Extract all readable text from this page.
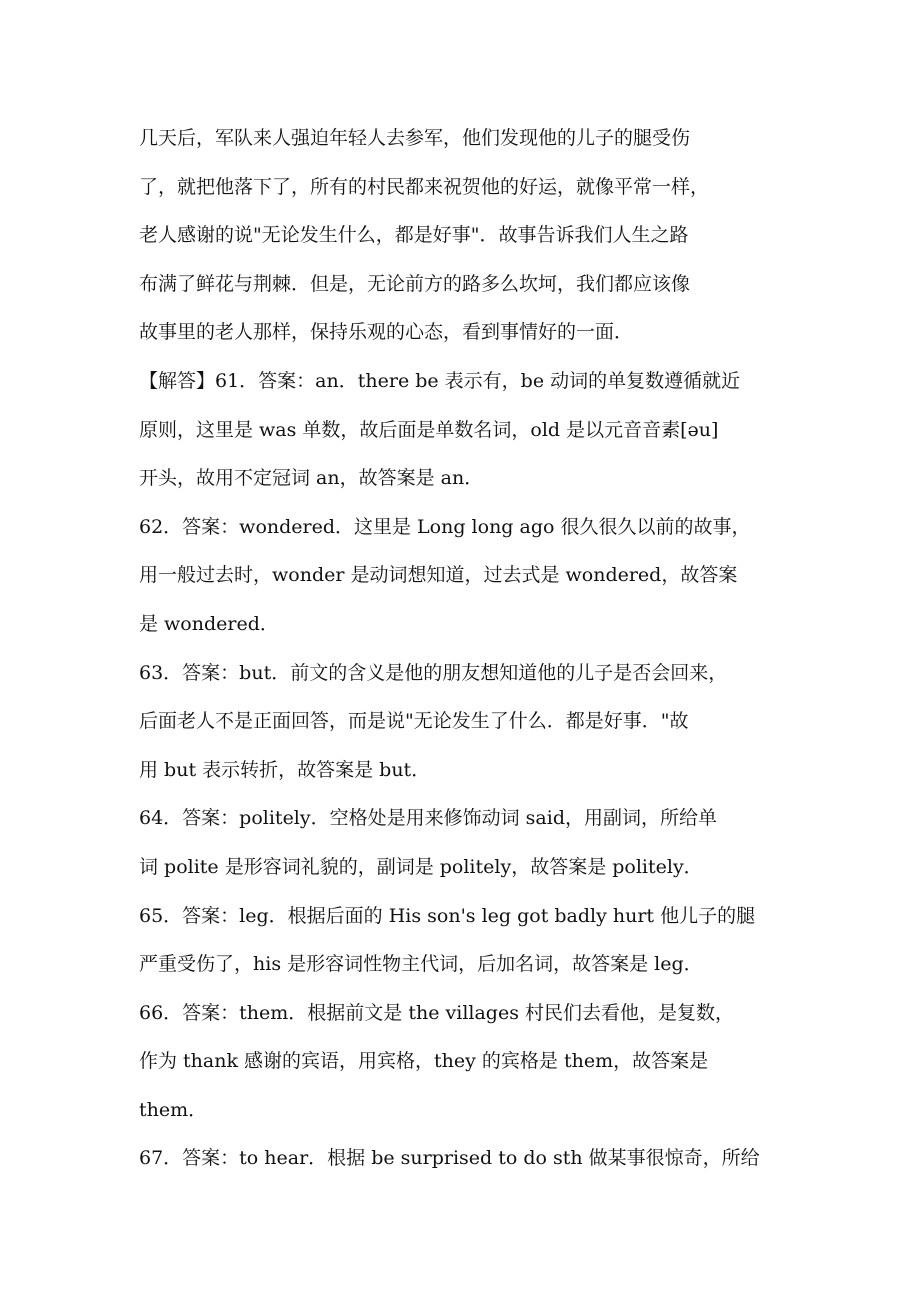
几天后，军队来人强迫年轻人去参军，他们发现他的儿子的腿受伤
了，就把他落下了，所有的村民都来祝贺他的好运，就像平常一样，
老人感谢的说"无论发生什么，都是好事"．故事告诉我们人生之路
布满了鲜花与荆棘．但是，无论前方的路多么坎坷，我们都应该像
故事里的老人那样，保持乐观的心态，看到事情好的一面．
【解答】61．答案：an．there be 表示有，be 动词的单复数遵循就近
原则，这里是 was 单数，故后面是单数名词，old 是以元音音素[əu]
开头，故用不定冠词 an，故答案是 an．
62．答案：wondered．这里是 Long long ago 很久很久以前的故事，
用一般过去时，wonder 是动词想知道，过去式是 wondered，故答案
是 wondered．
63．答案：but．前文的含义是他的朋友想知道他的儿子是否会回来，
后面老人不是正面回答，而是说"无论发生了什么．都是好事．"故
用 but 表示转折，故答案是 but．
64．答案：politely．空格处是用来修饰动词 said，用副词，所给单
词 polite 是形容词礼貌的，副词是 politely，故答案是 politely．
65．答案：leg．根据后面的 His son's leg got badly hurt 他儿子的腿
严重受伤了，his 是形容词性物主代词，后加名词，故答案是 leg．
66．答案：them．根据前文是 the villages 村民们去看他，是复数，
作为 thank 感谢的宾语，用宾格，they 的宾格是 them，故答案是
them．
67．答案：to hear．根据 be surprised to do sth 做某事很惊奇，所给
